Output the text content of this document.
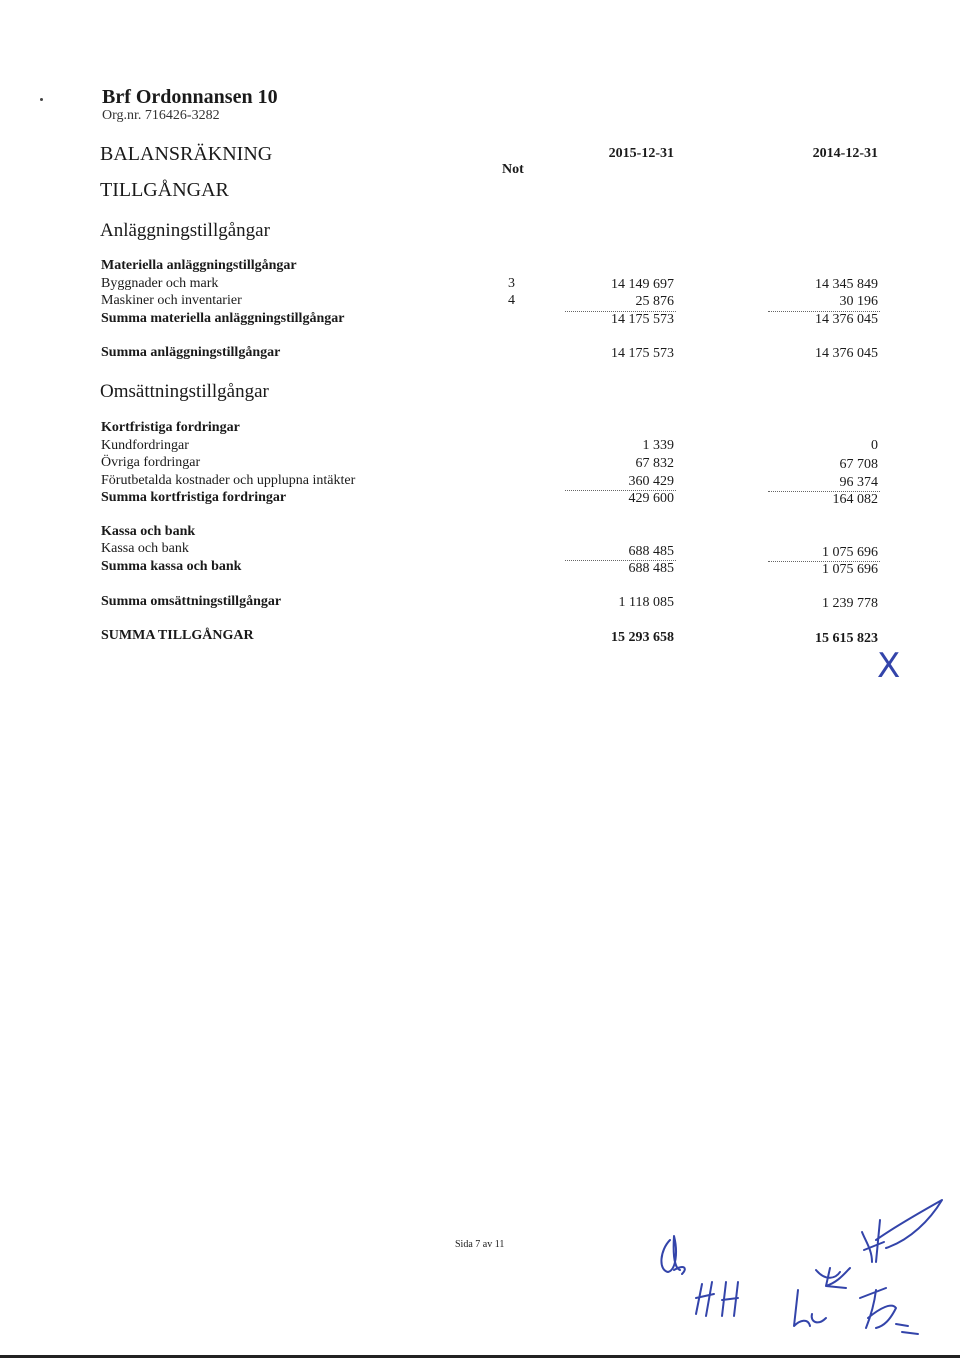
Brf Ordonnansen 10
Org.nr. 716426-3282
BALANSRÄKNING
TILLGÅNGAR
Not
2015-12-31	2014-12-31
Anläggningstillgångar
Materiella anläggningstillgångar
Byggnader och mark	3	14 149 697	14 345 849
Maskiner och inventarier	4	25 876	30 196
Summa materiella anläggningstillgångar	14 175 573	14 376 045
Summa anläggningstillgångar	14 175 573	14 376 045
Omsättningstillgångar
Kortfristiga fordringar
Kundfordringar	1 339	0
Övriga fordringar	67 832	67 708
Förutbetalda kostnader och upplupna intäkter	360 429	96 374
Summa kortfristiga fordringar	429 600	164 082
Kassa och bank
Kassa och bank	688 485	1 075 696
Summa kassa och bank	688 485	1 075 696
Summa omsättningstillgångar	1 118 085	1 239 778
SUMMA TILLGÅNGAR	15 293 658	15 615 823
X
Sida 7 av 11
